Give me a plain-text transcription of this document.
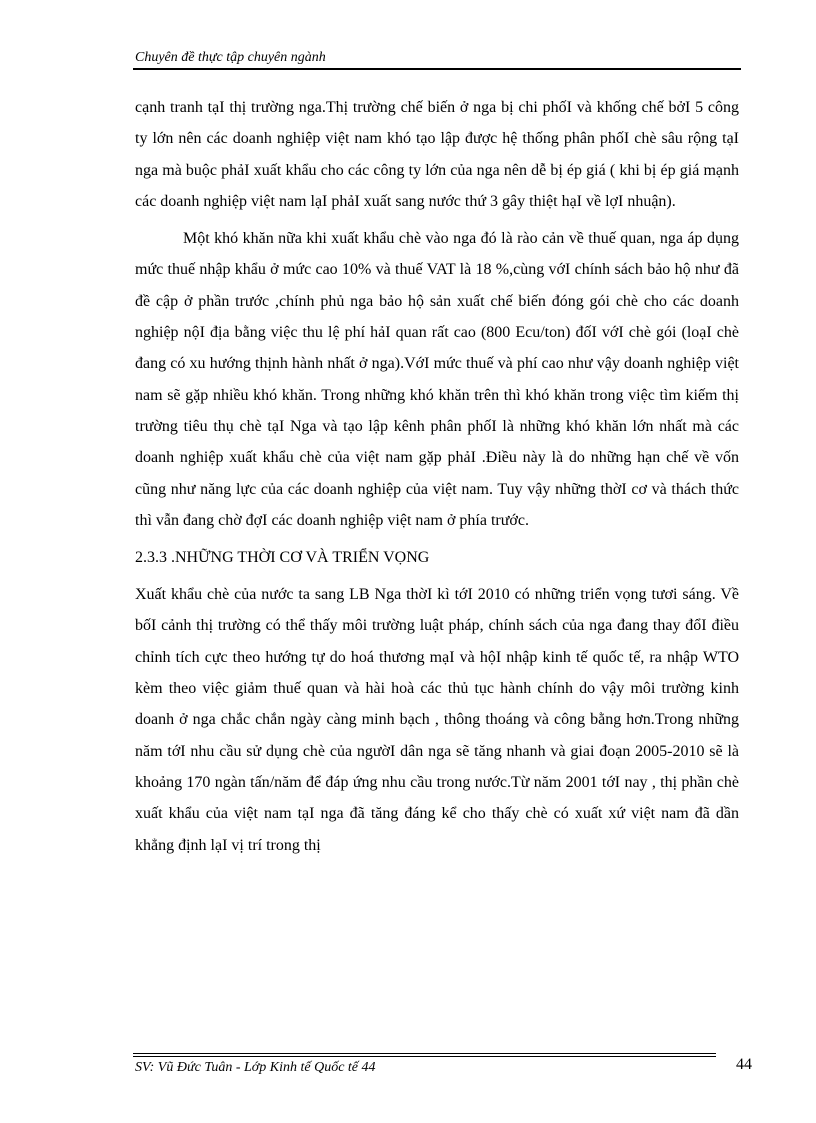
Chuyên đề thực tập chuyên ngành

cạnh tranh tạI thị trường nga.Thị trường chế biến ở nga bị chi phốI và khống chế bởI 5 công ty lớn nên các doanh nghiệp việt nam khó tạo lập được hệ thống phân phốI chè sâu rộng tạI nga mà buộc phảI xuất khẩu cho các công ty lớn của nga nên dễ bị ép giá ( khi bị ép giá mạnh các doanh nghiệp việt nam lạI phảI xuất sang nước thứ 3 gây thiệt hạI về lợI nhuận).

Một khó khăn nữa khi xuất khẩu chè vào nga đó là rào cản về thuế quan, nga áp dụng mức thuế nhập khẩu ở mức cao 10% và thuế VAT là 18 %,cùng vớI chính sách bảo hộ như đã đề cập ở phần trước ,chính phủ nga bảo hộ sản xuất chế biến đóng gói chè cho các doanh nghiệp nộI địa bằng việc thu lệ phí hảI quan rất cao (800 Ecu/ton) đốI vớI chè gói (loạI chè đang có xu hướng thịnh hành nhất ở nga).VớI mức thuế và phí cao như vậy doanh nghiệp việt nam sẽ gặp nhiều khó khăn. Trong những khó khăn trên thì khó khăn trong việc tìm kiếm thị trường tiêu thụ chè tạI Nga và tạo lập kênh phân phốI là những khó khăn lớn nhất mà các doanh nghiệp xuất khẩu chè của việt nam gặp phảI .Điều này là do những hạn chế về vốn cũng như năng lực của các doanh nghiệp của việt nam. Tuy vậy những thờI cơ và thách thức thì vẫn đang chờ đợI các doanh nghiệp việt nam ở phía trước.

2.3.3 .NHỮNG THỜI CƠ VÀ TRIỂN VỌNG

Xuất khẩu chè của nước ta sang LB Nga thờI kì tớI 2010 có những triển vọng tươi sáng. Về bốI cảnh thị trường có thể thấy môi trường luật pháp, chính sách của nga đang thay đổI điều chỉnh tích cực theo hướng tự do hoá thương mạI và hộI nhập kinh tế quốc tế, ra nhập WTO kèm theo việc giảm thuế quan và hài hoà các thủ tục hành chính do vậy môi trường kinh doanh ở nga chắc chắn ngày càng minh bạch , thông thoáng và công bằng hơn.Trong những năm tớI nhu cầu sử dụng chè của ngườI dân nga sẽ tăng nhanh và giai đoạn 2005-2010 sẽ là khoảng 170 ngàn tấn/năm để đáp ứng nhu cầu trong nước.Từ năm 2001 tớI nay , thị phần chè xuất khẩu của việt nam tạI nga đã tăng đáng kể cho thấy chè có xuất xứ việt nam đã dần khẳng định lạI vị trí trong thị

SV: Vũ Đức Tuân - Lớp Kinh tế Quốc tế 44	44
